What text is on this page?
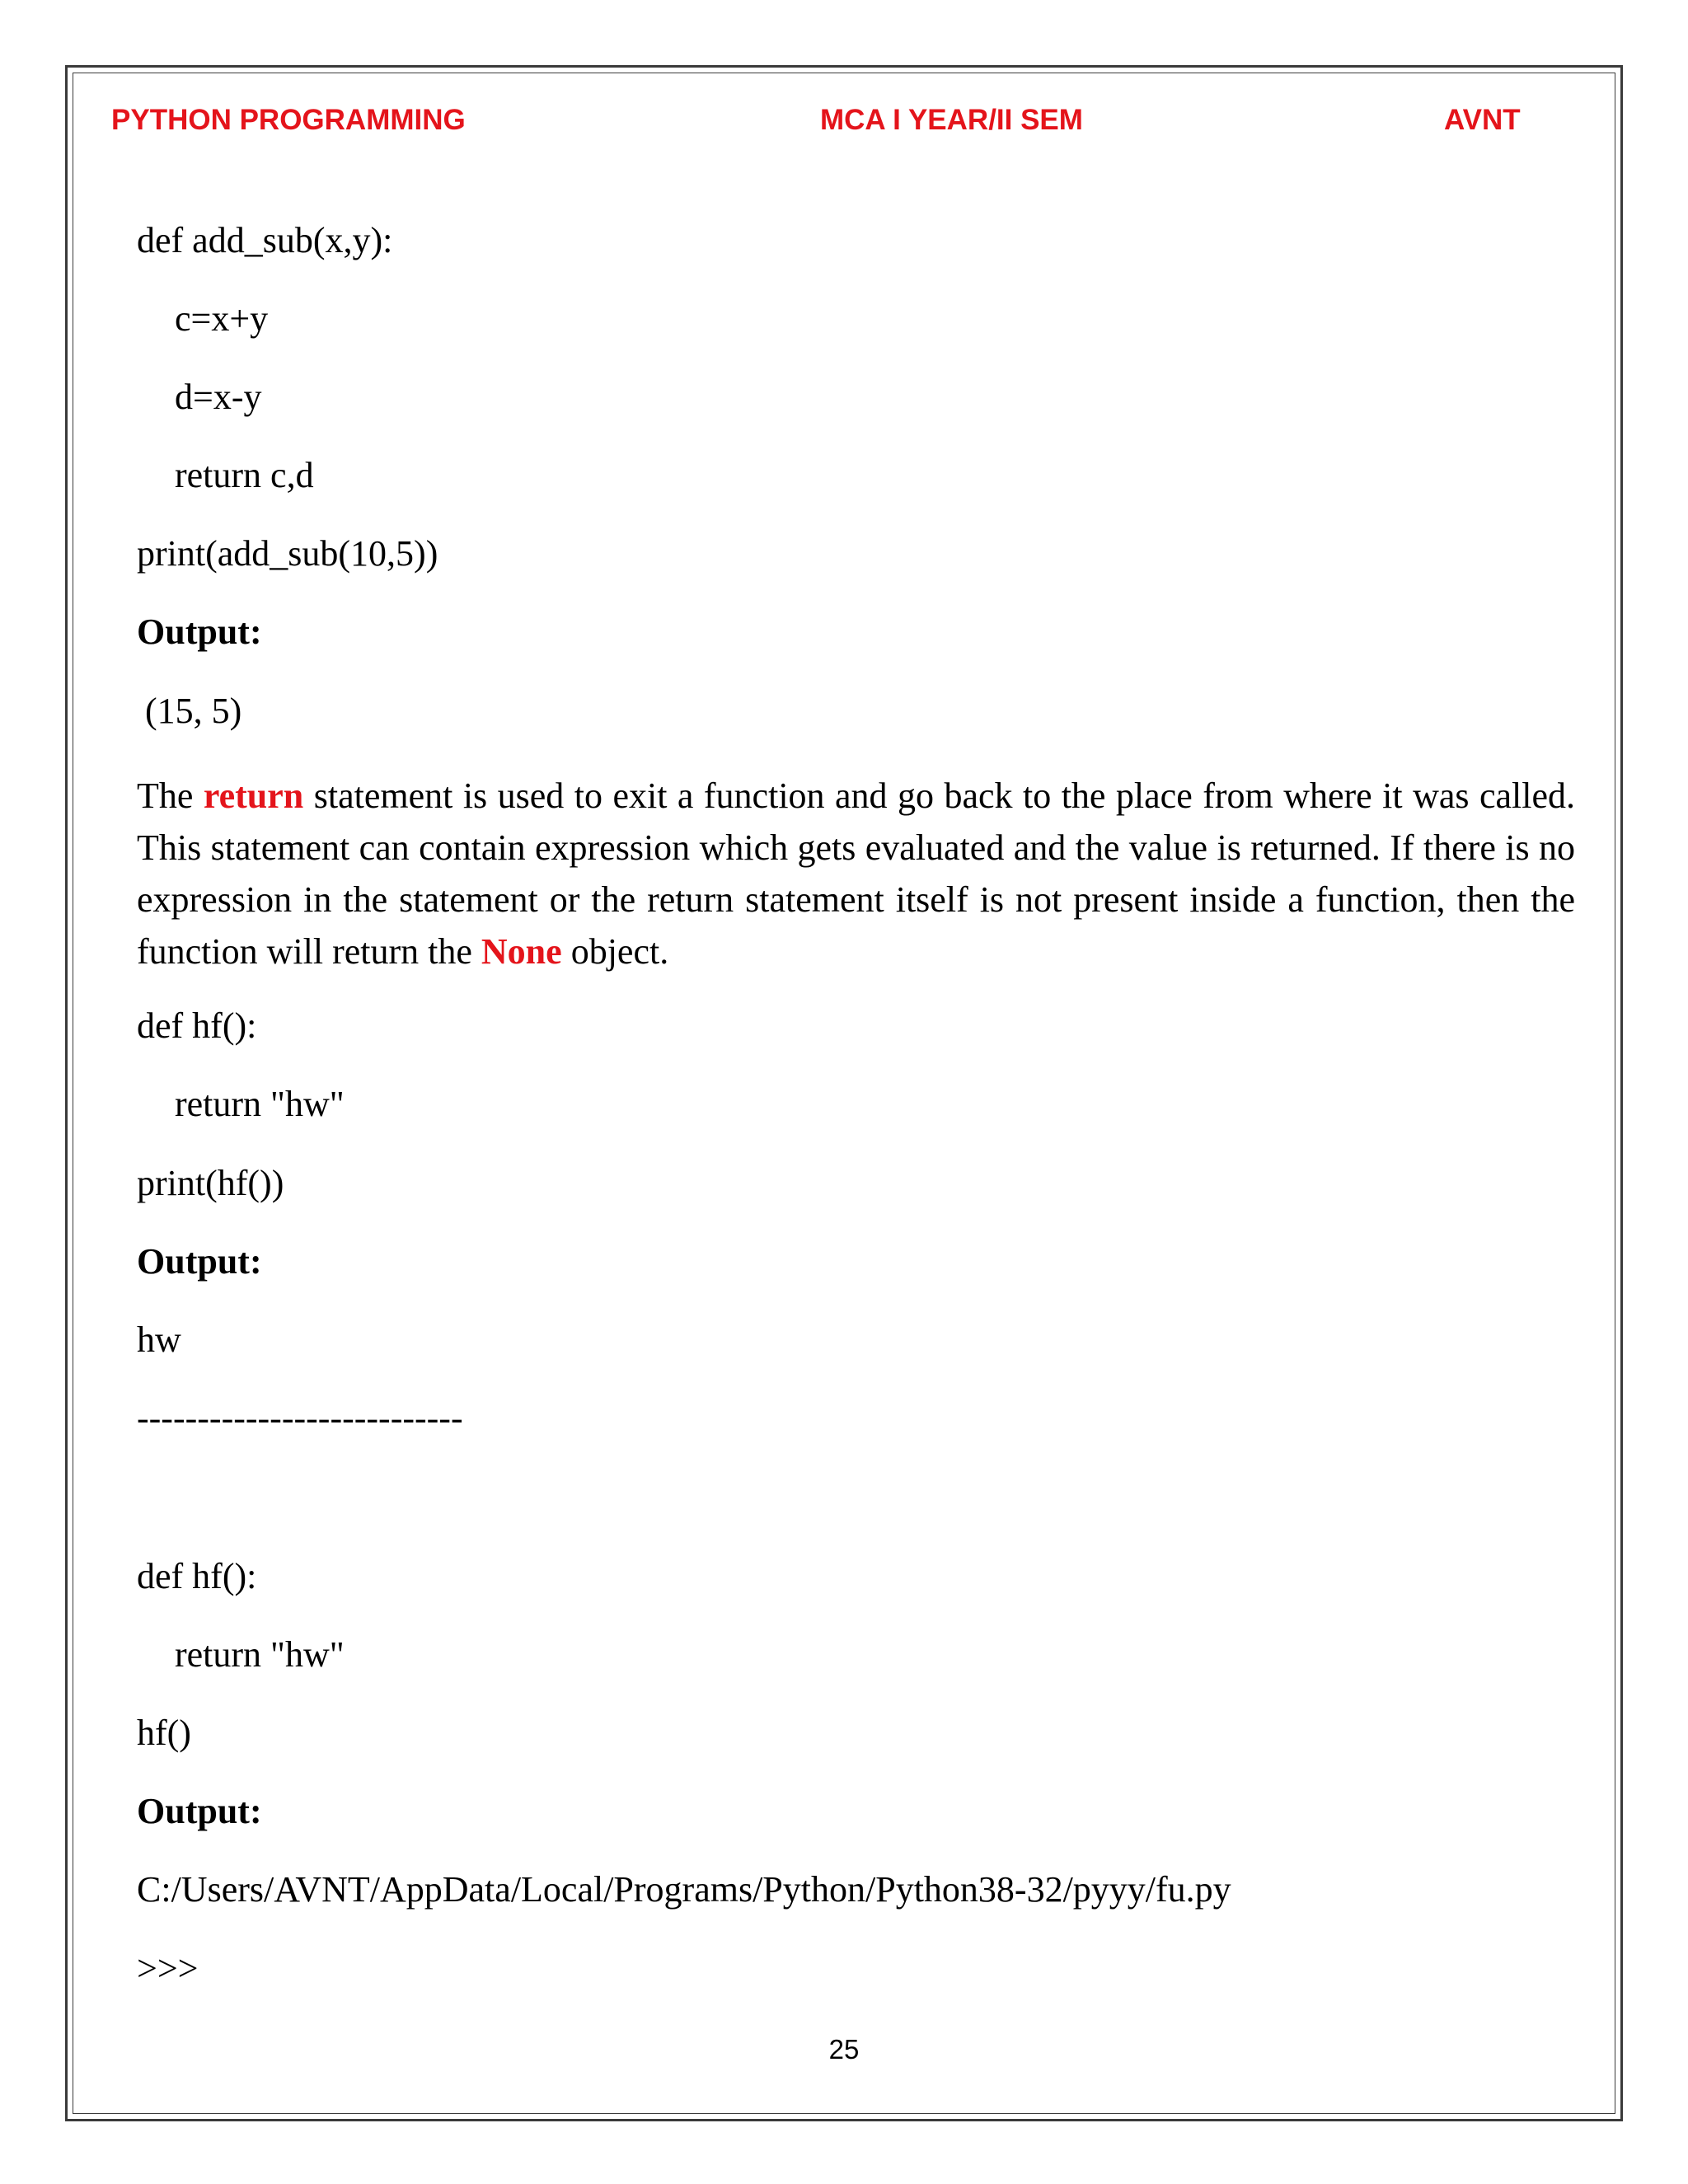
PYTHON PROGRAMMING	MCA I YEAR/II SEM	AVNT
def add_sub(x,y):
c=x+y
d=x-y
return c,d
print(add_sub(10,5))
Output:
(15, 5)
The return statement is used to exit a function and go back to the place from where it was called. This statement can contain expression which gets evaluated and the value is returned. If there is no expression in the statement or the return statement itself is not present inside a function, then the function will return the None object.
def hf():
return "hw"
print(hf())
Output:
hw
---------------------------
def hf():
return "hw"
hf()
Output:
C:/Users/AVNT/AppData/Local/Programs/Python/Python38-32/pyyy/fu.py
>>>
25
